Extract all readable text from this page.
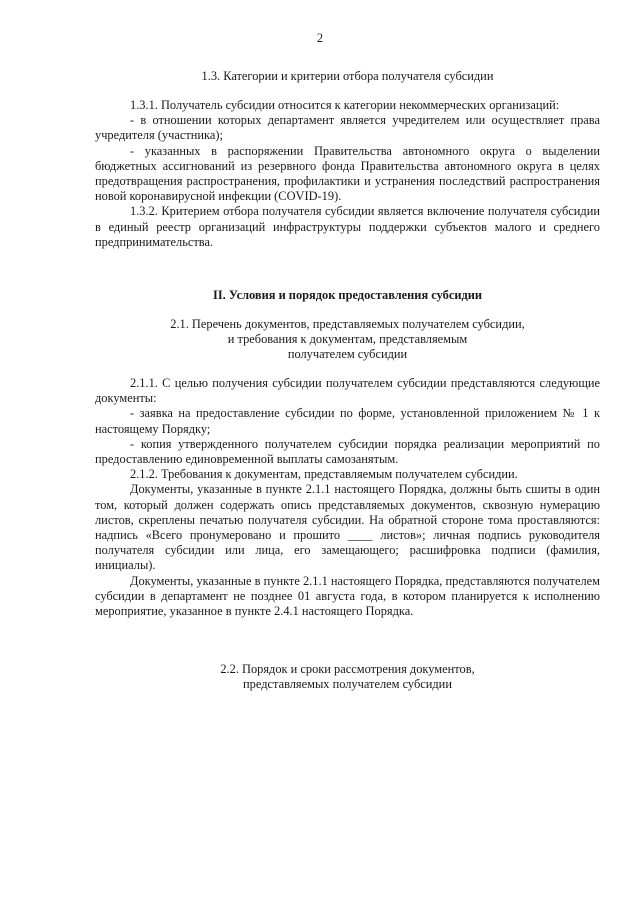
2
1.3. Категории и критерии отбора получателя субсидии

1.3.1. Получатель субсидии относится к категории некоммерческих организаций:

- в отношении которых департамент является учредителем или осуществляет права учредителя (участника);

- указанных в распоряжении Правительства автономного округа о выделении бюджетных ассигнований из резервного фонда Правительства автономного округа в целях предотвращения распространения, профилактики и устранения последствий распространения новой коронавирусной инфекции (COVID-19).

1.3.2. Критерием отбора получателя субсидии является включение получателя субсидии в единый реестр организаций инфраструктуры поддержки субъектов малого и среднего предпринимательства.

II. Условия и порядок предоставления субсидии
2.1. Перечень документов, представляемых получателем субсидии,
и требования к документам, представляемым
получателем субсидии

2.1.1. С целью получения субсидии получателем субсидии представляются следующие документы:

- заявка на предоставление субсидии по форме, установленной приложением № 1 к настоящему Порядку;

- копия утвержденного получателем субсидии порядка реализации мероприятий по предоставлению единовременной выплаты самозанятым.

2.1.2. Требования к документам, представляемым получателем субсидии.

Документы, указанные в пункте 2.1.1 настоящего Порядка, должны быть сшиты в один том, который должен содержать опись представляемых документов, сквозную нумерацию листов, скреплены печатью получателя субсидии. На обратной стороне тома проставляются: надпись «Всего пронумеровано и прошито ____ листов»; личная подпись руководителя получателя субсидии или лица, его замещающего; расшифровка подписи (фамилия, инициалы).

Документы, указанные в пункте 2.1.1 настоящего Порядка, представляются получателем субсидии в департамент не позднее 01 августа года, в котором планируется к исполнению мероприятие, указанное в пункте 2.4.1 настоящего Порядка.

2.2. Порядок и сроки рассмотрения документов,
представляемых получателем субсидии
